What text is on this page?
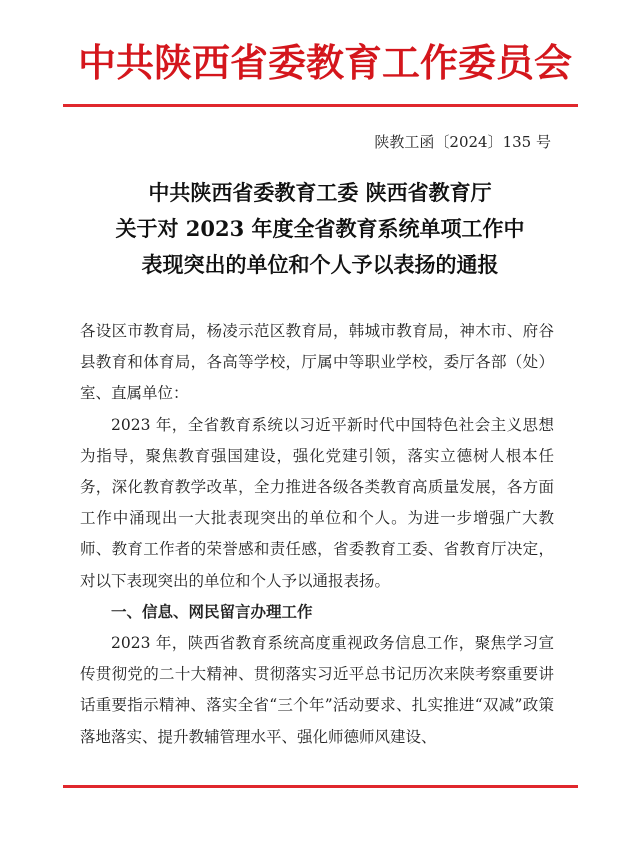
中共陕西省委教育工作委员会
陕教工函〔2024〕135 号
中共陕西省委教育工委 陕西省教育厅
关于对 2023 年度全省教育系统单项工作中
表现突出的单位和个人予以表扬的通报

各设区市教育局，杨凌示范区教育局，韩城市教育局，神木市、府谷县教育和体育局，各高等学校，厅属中等职业学校，委厅各部（处）室、直属单位：

2023 年，全省教育系统以习近平新时代中国特色社会主义思想为指导，聚焦教育强国建设，强化党建引领，落实立德树人根本任务，深化教育教学改革，全力推进各级各类教育高质量发展，各方面工作中涌现出一大批表现突出的单位和个人。为进一步增强广大教师、教育工作者的荣誉感和责任感，省委教育工委、省教育厅决定，对以下表现突出的单位和个人予以通报表扬。

一、信息、网民留言办理工作

2023 年，陕西省教育系统高度重视政务信息工作，聚焦学习宣传贯彻党的二十大精神、贯彻落实习近平总书记历次来陕考察重要讲话重要指示精神、落实全省“三个年”活动要求、扎实推进“双减”政策落地落实、提升教辅管理水平、强化师德师风建设、
